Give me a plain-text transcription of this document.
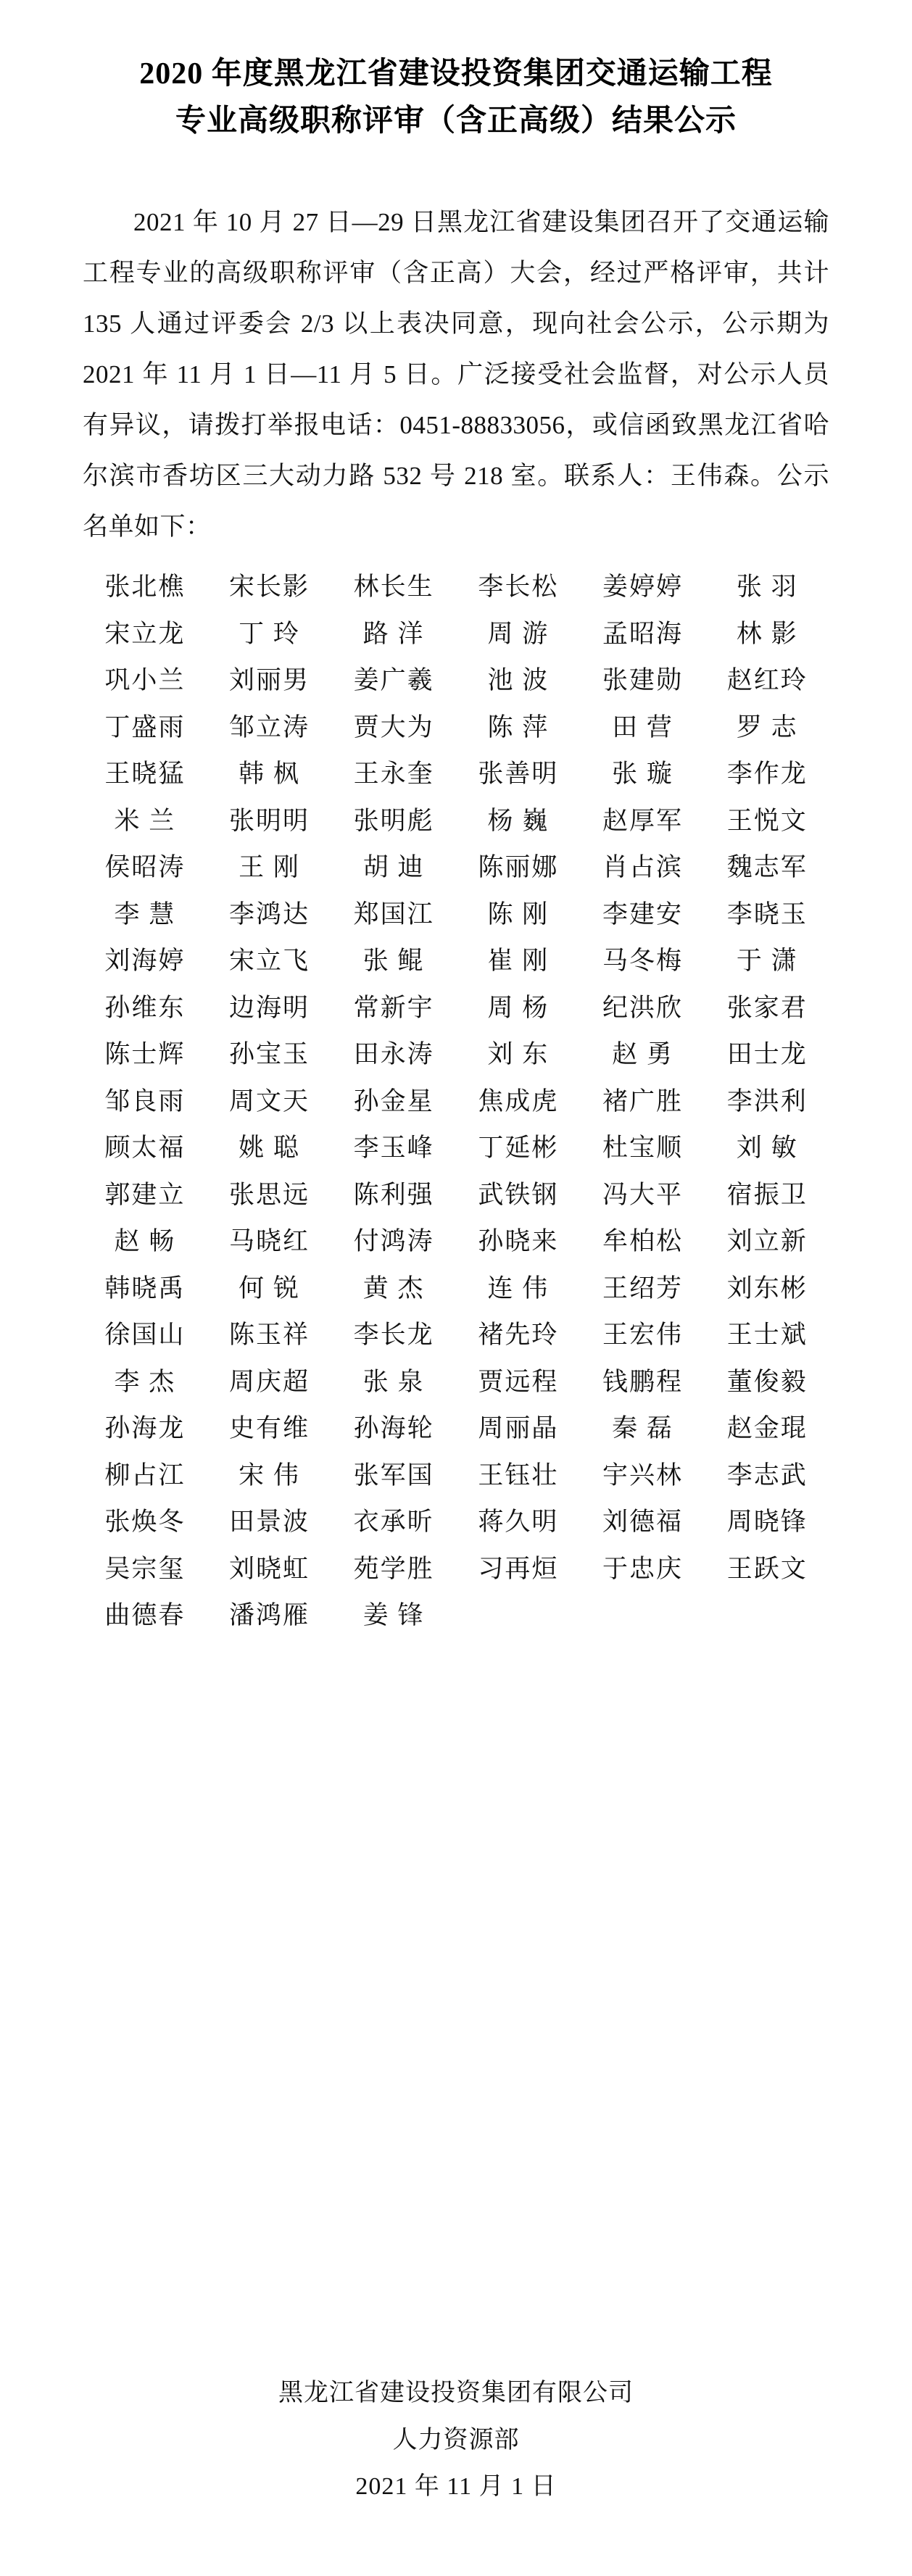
2020 年度黑龙江省建设投资集团交通运输工程
专业高级职称评审（含正高级）结果公示
2021 年 10 月 27 日—29 日黑龙江省建设集团召开了交通运输工程专业的高级职称评审（含正高）大会，经过严格评审，共计 135 人通过评委会 2/3 以上表决同意，现向社会公示，公示期为 2021 年 11 月 1 日—11 月 5 日。广泛接受社会监督，对公示人员有异议，请拨打举报电话：0451-88833056，或信函致黑龙江省哈尔滨市香坊区三大动力路 532 号 218 室。联系人：王伟森。公示名单如下：
张北樵	宋长影	林长生	李长松	姜婷婷	张 羽
宋立龙	丁 玲	路 洋	周 游	孟昭海	林 影
巩小兰	刘丽男	姜广羲	池 波	张建勋	赵红玲
丁盛雨	邹立涛	贾大为	陈 萍	田 营	罗 志
王晓猛	韩 枫	王永奎	张善明	张 璇	李作龙
米 兰	张明明	张明彪	杨 巍	赵厚军	王悦文
侯昭涛	王 刚	胡 迪	陈丽娜	肖占滨	魏志军
李 慧	李鸿达	郑国江	陈 刚	李建安	李晓玉
刘海婷	宋立飞	张 鲲	崔 刚	马冬梅	于 潇
孙维东	边海明	常新宇	周 杨	纪洪欣	张家君
陈士辉	孙宝玉	田永涛	刘 东	赵 勇	田士龙
邹良雨	周文天	孙金星	焦成虎	褚广胜	李洪利
顾太福	姚 聪	李玉峰	丁延彬	杜宝顺	刘 敏
郭建立	张思远	陈利强	武铁钢	冯大平	宿振卫
赵 畅	马晓红	付鸿涛	孙晓来	牟柏松	刘立新
韩晓禹	何 锐	黄 杰	连 伟	王绍芳	刘东彬
徐国山	陈玉祥	李长龙	褚先玲	王宏伟	王士斌
李 杰	周庆超	张 泉	贾远程	钱鹏程	董俊毅
孙海龙	史有维	孙海轮	周丽晶	秦 磊	赵金琨
柳占江	宋 伟	张军国	王钰壮	宇兴林	李志武
张焕冬	田景波	衣承昕	蒋久明	刘德福	周晓锋
吴宗玺	刘晓虹	苑学胜	习再烜	于忠庆	王跃文
曲德春	潘鸿雁	姜 锋
黑龙江省建设投资集团有限公司
人力资源部
2021 年 11 月 1 日
